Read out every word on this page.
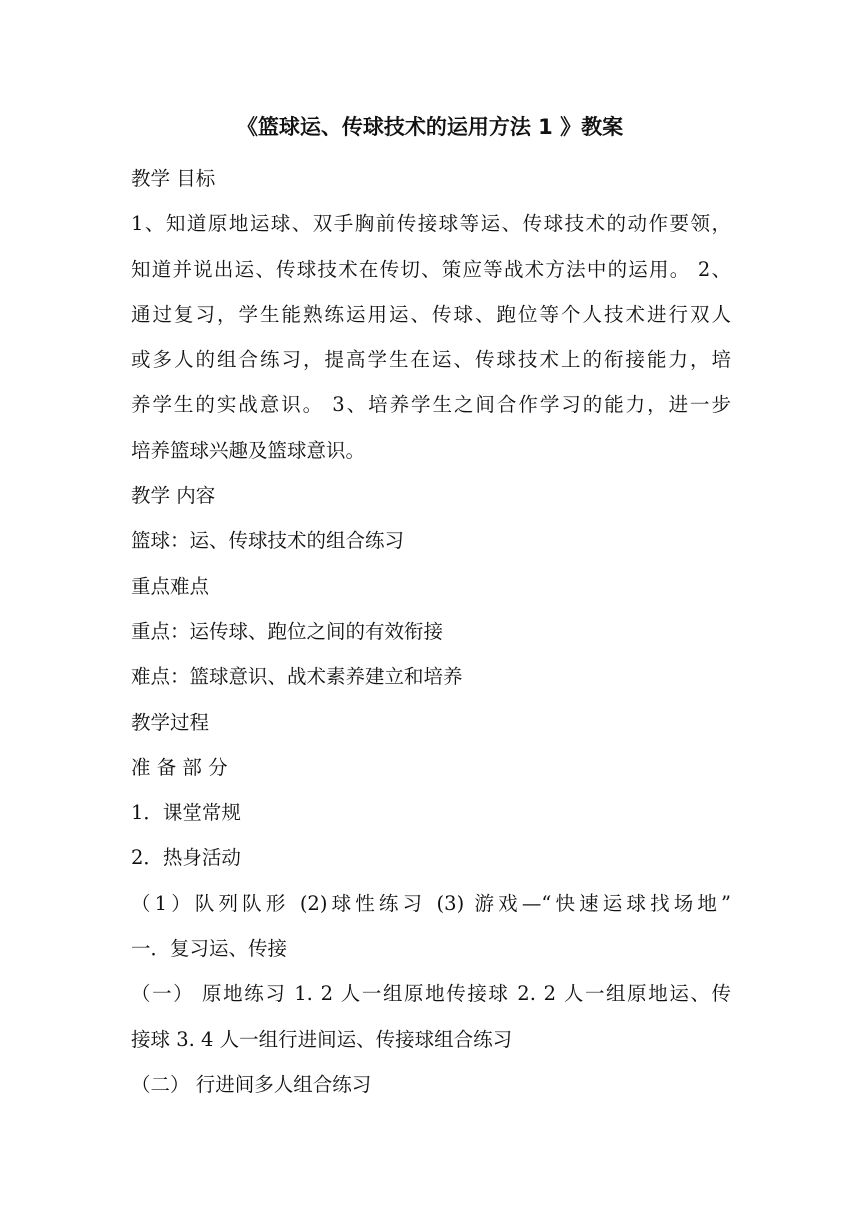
《篮球运、传球技术的运用方法 1 》教案
教学 目标
1、知道原地运球、双手胸前传接球等运、传球技术的动作要领，
知道并说出运、传球技术在传切、策应等战术方法中的运用。 2、
通过复习，学生能熟练运用运、传球、跑位等个人技术进行双人
或多人的组合练习，提高学生在运、传球技术上的衔接能力，培
养学生的实战意识。 3、培养学生之间合作学习的能力，进一步
培养篮球兴趣及篮球意识。
教学 内容
篮球：运、传球技术的组合练习
重点难点
重点：运传球、跑位之间的有效衔接
难点：篮球意识、战术素养建立和培养
教学过程
准 备 部 分
1．课堂常规
2．热身活动
（1）队列队形 (2)球性练习 (3) 游戏—“快速运球找场地”
一．复习运、传接
（一） 原地练习 1. 2 人一组原地传接球 2. 2 人一组原地运、传
接球 3. 4 人一组行进间运、传接球组合练习
（二） 行进间多人组合练习
